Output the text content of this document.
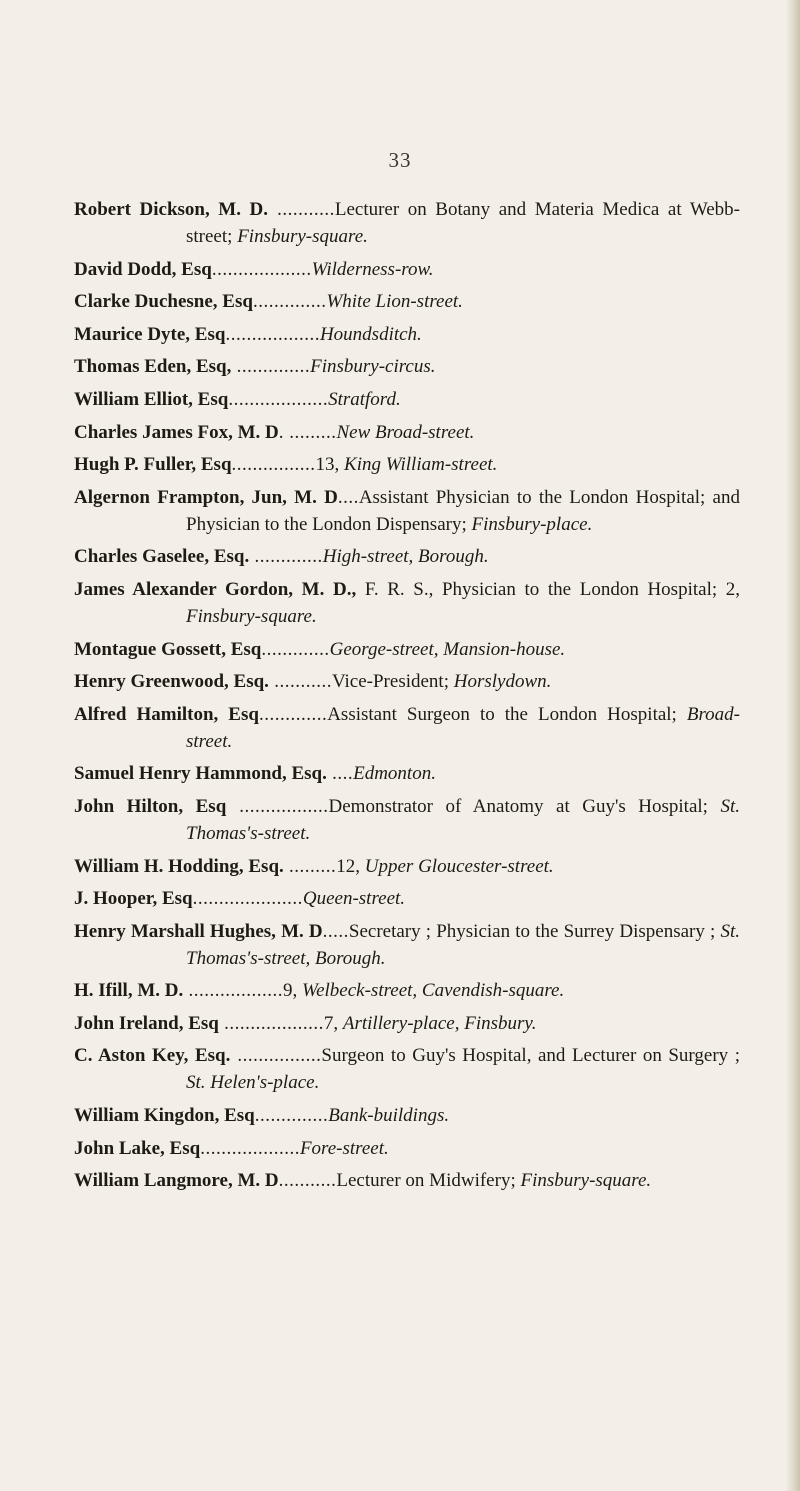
33

Robert Dickson, M. D. ...........Lecturer on Botany and Materia Medica at Webb-street; Finsbury-square.

David Dodd, Esq...................Wilderness-row.

Clarke Duchesne, Esq..............White Lion-street.

Maurice Dyte, Esq..................Houndsditch.

Thomas Eden, Esq, ..............Finsbury-circus.

William Elliot, Esq...................Stratford.

Charles James Fox, M. D. .........New Broad-street.

Hugh P. Fuller, Esq................13, King William-street.

Algernon Frampton, Jun, M. D....Assistant Physician to the London Hospital; and Physician to the London Dispensary; Finsbury-place.

Charles Gaselee, Esq. .............High-street, Borough.

James Alexander Gordon, M. D., F. R. S., Physician to the London Hospital; 2, Finsbury-square.

Montague Gossett, Esq.............George-street, Mansion-house.

Henry Greenwood, Esq. ...........Vice-President; Horslydown.

Alfred Hamilton, Esq.............Assistant Surgeon to the London Hospital; Broad-street.

Samuel Henry Hammond, Esq. ....Edmonton.

John Hilton, Esq .................Demonstrator of Anatomy at Guy's Hospital; St. Thomas's-street.

William H. Hodding, Esq. .........12, Upper Gloucester-street.

J. Hooper, Esq.....................Queen-street.

Henry Marshall Hughes, M. D.....Secretary ; Physician to the Surrey Dispensary ; St. Thomas's-street, Borough.

H. Ifill, M. D. ..................9, Welbeck-street, Cavendish-square.

John Ireland, Esq ...................7, Artillery-place, Finsbury.

C. Aston Key, Esq. ................Surgeon to Guy's Hospital, and Lecturer on Surgery ; St. Helen's-place.

William Kingdon, Esq..............Bank-buildings.

John Lake, Esq...................Fore-street.

William Langmore, M. D...........Lecturer on Midwifery; Finsbury-square.
